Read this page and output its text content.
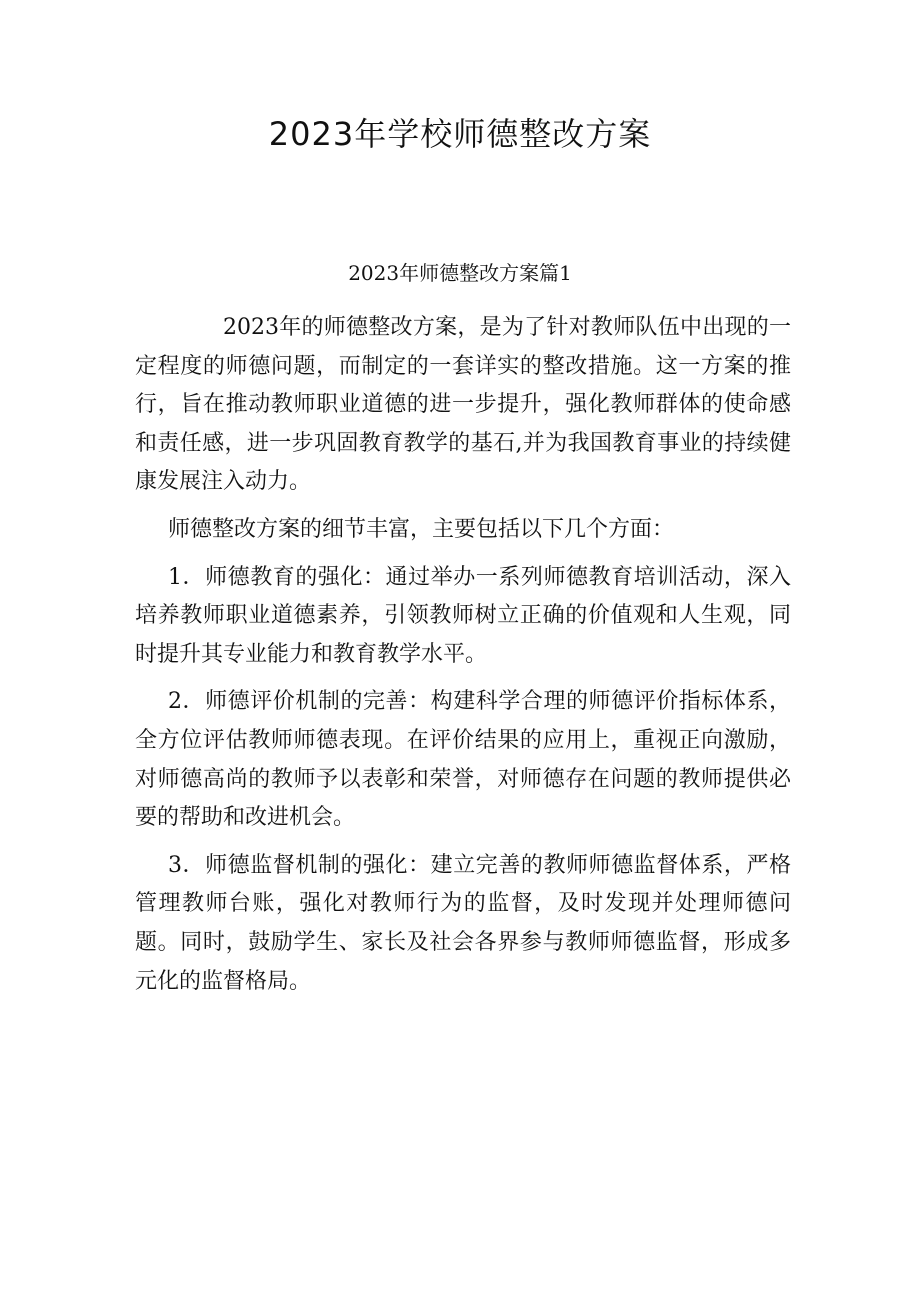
2023年学校师德整改方案
2023年师德整改方案篇1

2023年的师德整改方案，是为了针对教师队伍中出现的一定程度的师德问题，而制定的一套详实的整改措施。这一方案的推行，旨在推动教师职业道德的进一步提升，强化教师群体的使命感和责任感，进一步巩固教育教学的基石,并为我国教育事业的持续健康发展注入动力。

师德整改方案的细节丰富，主要包括以下几个方面：

1．师德教育的强化：通过举办一系列师德教育培训活动，深入培养教师职业道德素养，引领教师树立正确的价值观和人生观，同时提升其专业能力和教育教学水平。

2．师德评价机制的完善：构建科学合理的师德评价指标体系，全方位评估教师师德表现。在评价结果的应用上，重视正向激励，对师德高尚的教师予以表彰和荣誉，对师德存在问题的教师提供必要的帮助和改进机会。

3．师德监督机制的强化：建立完善的教师师德监督体系，严格管理教师台账，强化对教师行为的监督，及时发现并处理师德问题。同时，鼓励学生、家长及社会各界参与教师师德监督，形成多元化的监督格局。
